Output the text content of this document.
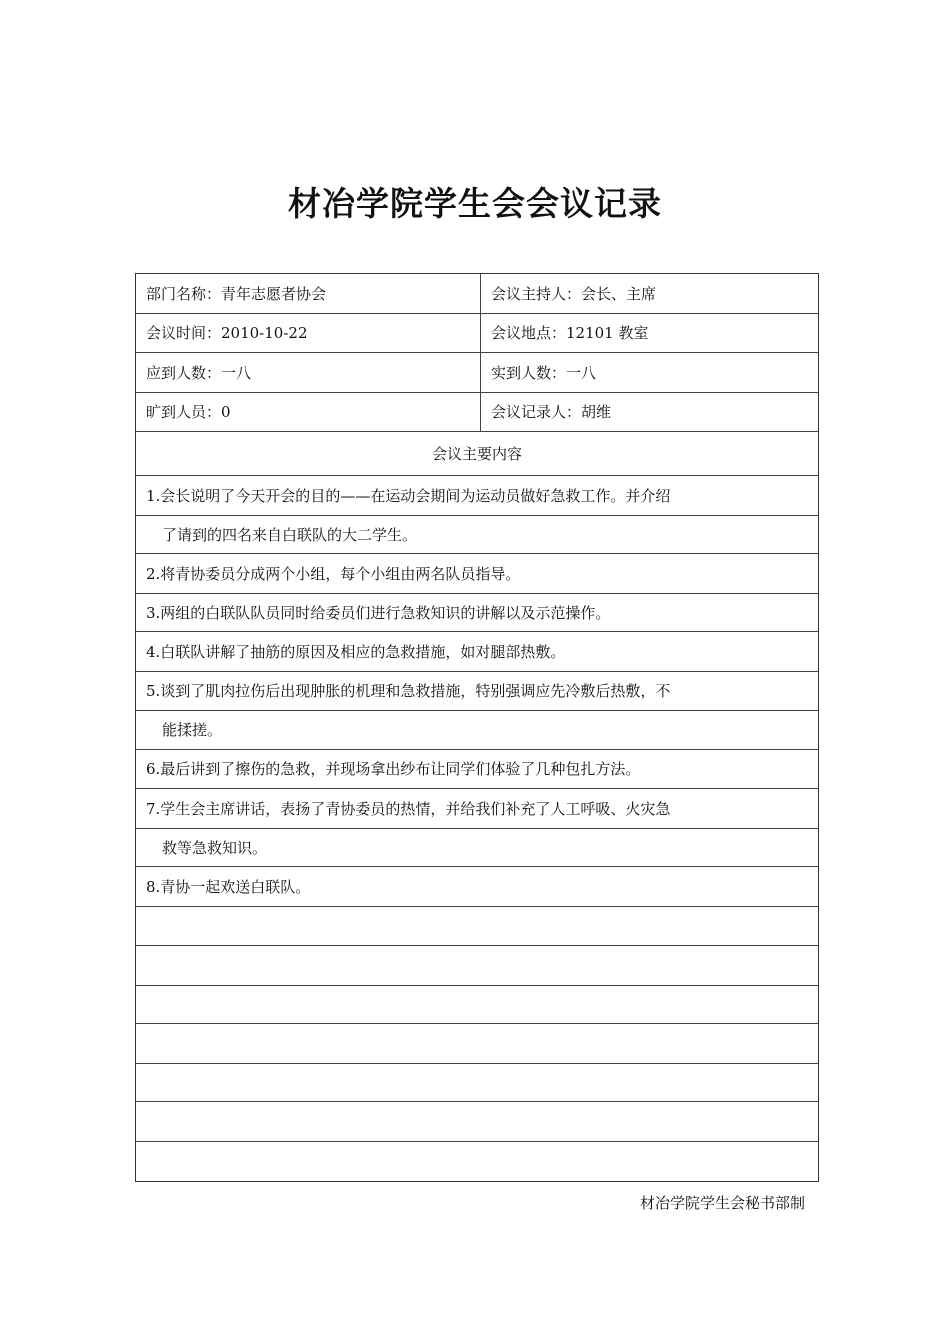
材冶学院学生会会议记录
部门名称：青年志愿者协会	会议主持人：会长、主席
会议时间：2010-10-22	会议地点：12101 教室
应到人数：一八	实到人数：一八
旷到人员：0	会议记录人：胡维
会议主要内容
1.会长说明了今天开会的目的——在运动会期间为运动员做好急救工作。并介绍
了请到的四名来自白联队的大二学生。
2.将青协委员分成两个小组，每个小组由两名队员指导。
3.两组的白联队队员同时给委员们进行急救知识的讲解以及示范操作。
4.白联队讲解了抽筋的原因及相应的急救措施，如对腿部热敷。
5.谈到了肌肉拉伤后出现肿胀的机理和急救措施，特别强调应先冷敷后热敷，不
能揉搓。
6.最后讲到了擦伤的急救，并现场拿出纱布让同学们体验了几种包扎方法。
7.学生会主席讲话，表扬了青协委员的热情，并给我们补充了人工呼吸、火灾急
救等急救知识。
8.青协一起欢送白联队。
材冶学院学生会秘书部制
